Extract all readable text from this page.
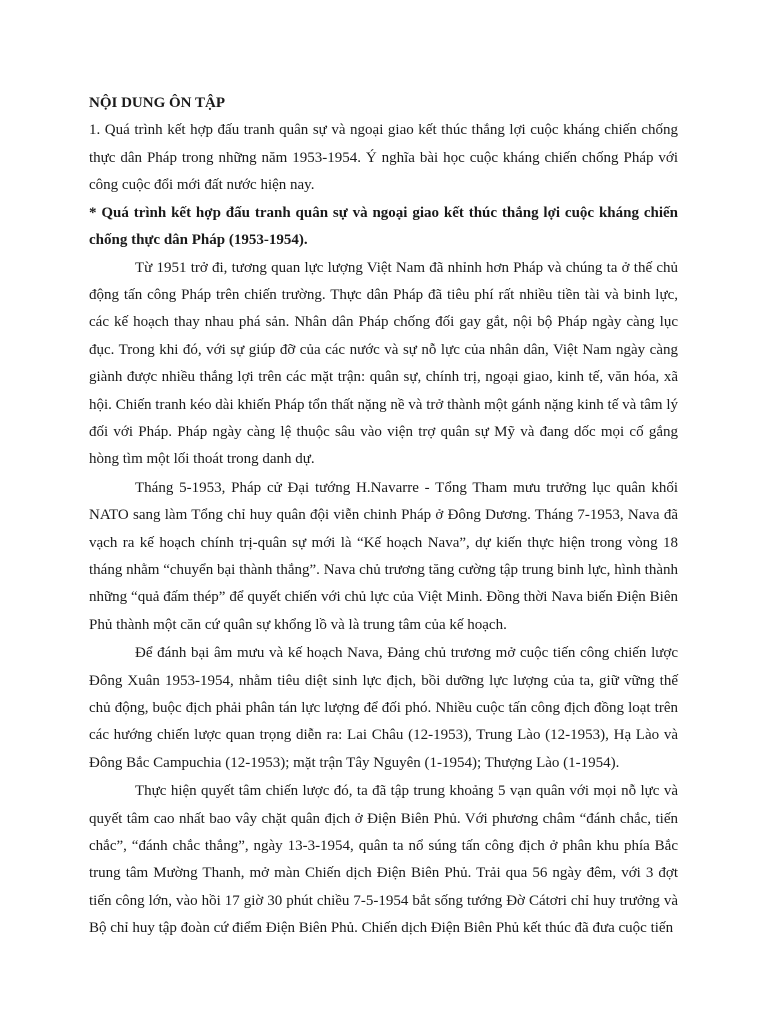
NỘI DUNG ÔN TẬP

1. Quá trình kết hợp đấu tranh quân sự và ngoại giao kết thúc thắng lợi cuộc kháng chiến chống thực dân Pháp trong những năm 1953-1954. Ý nghĩa bài học cuộc kháng chiến chống Pháp với công cuộc đổi mới đất nước hiện nay.

* Quá trình kết hợp đấu tranh quân sự và ngoại giao kết thúc thắng lợi cuộc kháng chiến chống thực dân Pháp (1953-1954).

Từ 1951 trở đi, tương quan lực lượng Việt Nam đã nhỉnh hơn Pháp và chúng ta ở thế chủ động tấn công Pháp trên chiến trường. Thực dân Pháp đã tiêu phí rất nhiều tiền tài và binh lực, các kế hoạch thay nhau phá sản. Nhân dân Pháp chống đối gay gắt, nội bộ Pháp ngày càng lục đục. Trong khi đó, với sự giúp đỡ của các nước và sự nỗ lực của nhân dân, Việt Nam ngày càng giành được nhiều thắng lợi trên các mặt trận: quân sự, chính trị, ngoại giao, kinh tế, văn hóa, xã hội. Chiến tranh kéo dài khiến Pháp tổn thất nặng nề và trở thành một gánh nặng kinh tế và tâm lý đối với Pháp. Pháp ngày càng lệ thuộc sâu vào viện trợ quân sự Mỹ và đang dốc mọi cố gắng hòng tìm một lối thoát trong danh dự.

Tháng 5-1953, Pháp cử Đại tướng H.Navarre - Tổng Tham mưu trưởng lục quân khối NATO sang làm Tổng chỉ huy quân đội viễn chinh Pháp ở Đông Dương. Tháng 7-1953, Nava đã vạch ra kế hoạch chính trị-quân sự mới là “Kế hoạch Nava”, dự kiến thực hiện trong vòng 18 tháng nhằm “chuyển bại thành thắng”. Nava chủ trương tăng cường tập trung binh lực, hình thành những “quả đấm thép” để quyết chiến với chủ lực của Việt Minh. Đồng thời Nava biến Điện Biên Phủ thành một căn cứ quân sự khổng lồ và là trung tâm của kế hoạch.

Để đánh bại âm mưu và kế hoạch Nava, Đảng chủ trương mở cuộc tiến công chiến lược Đông Xuân 1953-1954, nhằm tiêu diệt sinh lực địch, bồi dưỡng lực lượng của ta, giữ vững thế chủ động, buộc địch phải phân tán lực lượng để đối phó. Nhiều cuộc tấn công địch đồng loạt trên các hướng chiến lược quan trọng diễn ra: Lai Châu (12-1953), Trung Lào (12-1953), Hạ Lào và Đông Bắc Campuchia (12-1953); mặt trận Tây Nguyên (1-1954); Thượng Lào (1-1954).

Thực hiện quyết tâm chiến lược đó, ta đã tập trung khoảng 5 vạn quân với mọi nỗ lực và quyết tâm cao nhất bao vây chặt quân địch ở Điện Biên Phủ. Với phương châm “đánh chắc, tiến chắc”, “đánh chắc thắng”, ngày 13-3-1954, quân ta nổ súng tấn công địch ở phân khu phía Bắc trung tâm Mường Thanh, mở màn Chiến dịch Điện Biên Phủ. Trải qua 56 ngày đêm, với 3 đợt tiến công lớn, vào hồi 17 giờ 30 phút chiều 7-5-1954 bắt sống tướng Đờ Cátơri chỉ huy trưởng và Bộ chỉ huy tập đoàn cứ điểm Điện Biên Phủ. Chiến dịch Điện Biên Phủ kết thúc đã đưa cuộc tiến
